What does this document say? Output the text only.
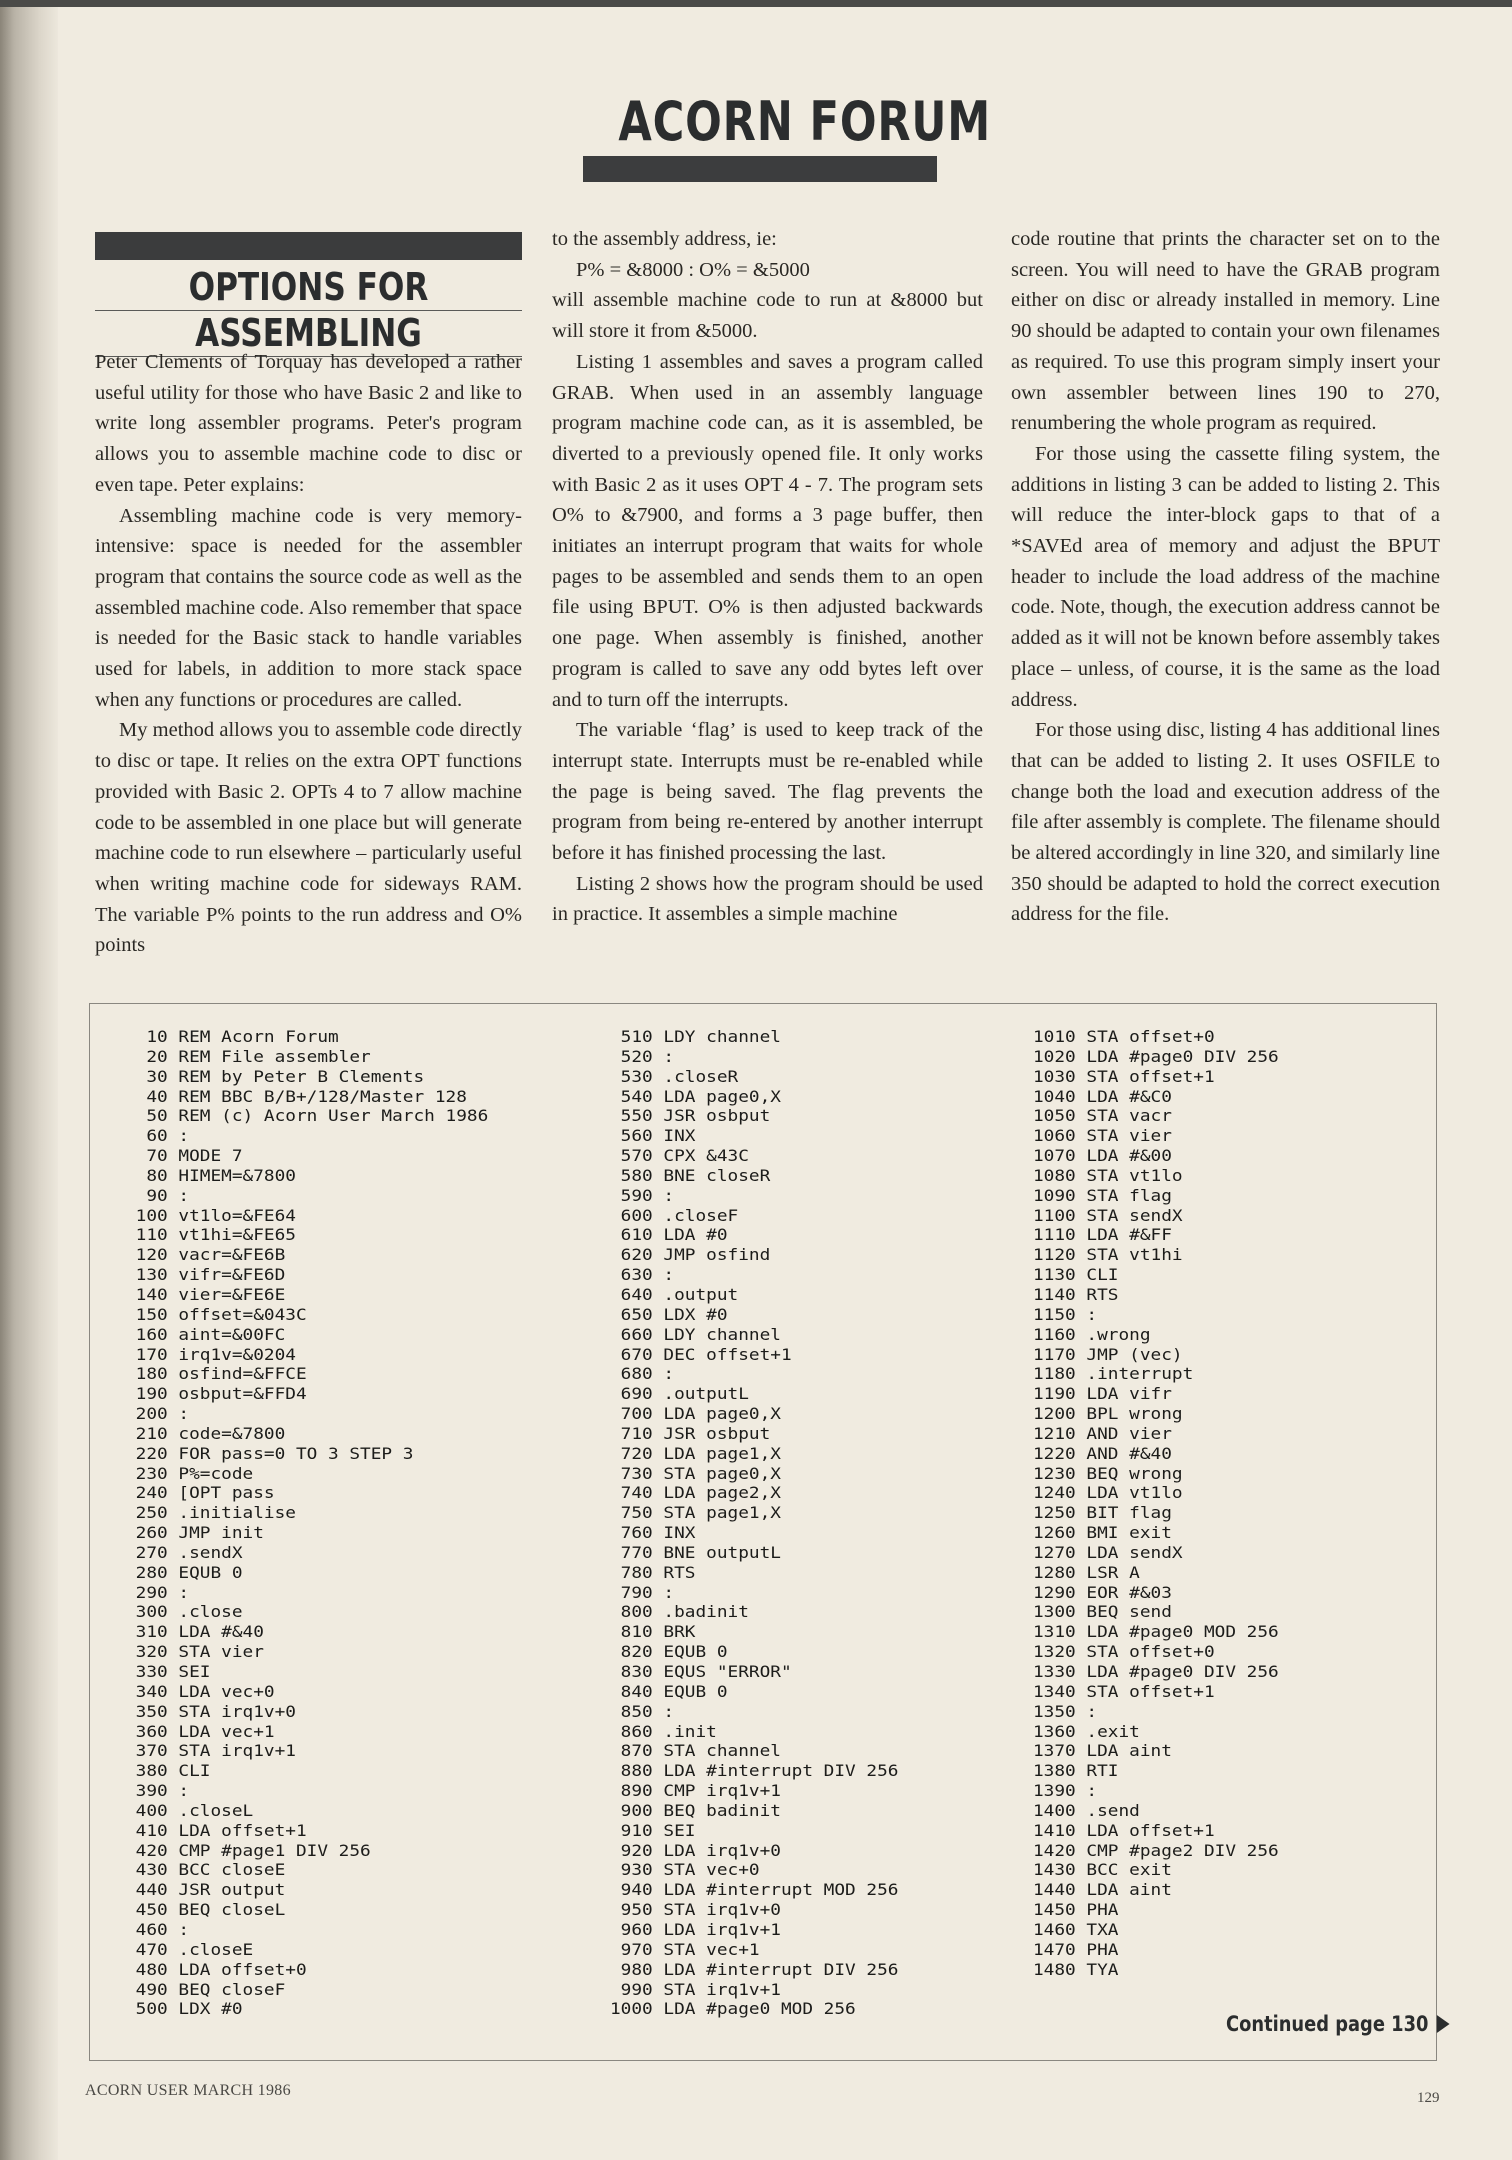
ACORN FORUM
OPTIONS FOR
ASSEMBLING

Peter Clements of Torquay has developed a rather useful utility for those who have Basic 2 and like to write long assembler programs. Peter's program allows you to assemble machine code to disc or even tape. Peter explains:

Assembling machine code is very memory-intensive: space is needed for the assembler program that contains the source code as well as the assembled machine code. Also remember that space is needed for the Basic stack to handle variables used for labels, in addition to more stack space when any functions or procedures are called.

My method allows you to assemble code directly to disc or tape. It relies on the extra OPT functions provided with Basic 2. OPTs 4 to 7 allow machine code to be assembled in one place but will generate machine code to run elsewhere – particularly useful when writing machine code for sideways RAM. The variable P% points to the run address and O% points

to the assembly address, ie:

P% = &8000 : O% = &5000

will assemble machine code to run at &8000 but will store it from &5000.

Listing 1 assembles and saves a program called GRAB. When used in an assembly language program machine code can, as it is assembled, be diverted to a previously opened file. It only works with Basic 2 as it uses OPT 4 - 7. The program sets O% to &7900, and forms a 3 page buffer, then initiates an interrupt program that waits for whole pages to be assembled and sends them to an open file using BPUT. O% is then adjusted backwards one page. When assembly is finished, another program is called to save any odd bytes left over and to turn off the interrupts.

The variable ‘flag’ is used to keep track of the interrupt state. Interrupts must be re-enabled while the page is being saved. The flag prevents the program from being re-entered by another interrupt before it has finished processing the last.

Listing 2 shows how the program should be used in practice. It assembles a simple machine

code routine that prints the character set on to the screen. You will need to have the GRAB program either on disc or already installed in memory. Line 90 should be adapted to contain your own filenames as required. To use this program simply insert your own assembler between lines 190 to 270, renumbering the whole program as required.

For those using the cassette filing system, the additions in listing 3 can be added to listing 2. This will reduce the inter-block gaps to that of a *SAVEd area of memory and adjust the BPUT header to include the load address of the machine code. Note, though, the execution address cannot be added as it will not be known before assembly takes place – unless, of course, it is the same as the load address.

For those using disc, listing 4 has additional lines that can be added to listing 2. It uses OSFILE to change both the load and execution address of the file after assembly is complete. The filename should be altered accordingly in line 320, and similarly line 350 should be adapted to hold the correct execution address for the file.

10 REM Acorn Forum
20 REM File assembler
30 REM by Peter B Clements
40 REM BBC B/B+/128/Master 128
50 REM (c) Acorn User March 1986
60 :
70 MODE 7
80 HIMEM=&7800
90 :
100 vt1lo=&FE64
110 vt1hi=&FE65
120 vacr=&FE6B
130 vifr=&FE6D
140 vier=&FE6E
150 offset=&043C
160 aint=&00FC
170 irq1v=&0204
180 osfind=&FFCE
190 osbput=&FFD4
200 :
210 code=&7800
220 FOR pass=0 TO 3 STEP 3
230 P%=code
240 [OPT pass
250 .initialise
260 JMP init
270 .sendX
280 EQUB 0
290 :
300 .close
310 LDA #&40
320 STA vier
330 SEI
340 LDA vec+0
350 STA irq1v+0
360 LDA vec+1
370 STA irq1v+1
380 CLI
390 :
400 .closeL
410 LDA offset+1
420 CMP #page1 DIV 256
430 BCC closeE
440 JSR output
450 BEQ closeL
460 :
470 .closeE
480 LDA offset+0
490 BEQ closeF
500 LDX #0
510 LDY channel
520 :
530 .closeR
540 LDA page0,X
550 JSR osbput
560 INX
570 CPX &43C
580 BNE closeR
590 :
600 .closeF
610 LDA #0
620 JMP osfind
630 :
640 .output
650 LDX #0
660 LDY channel
670 DEC offset+1
680 :
690 .outputL
700 LDA page0,X
710 JSR osbput
720 LDA page1,X
730 STA page0,X
740 LDA page2,X
750 STA page1,X
760 INX
770 BNE outputL
780 RTS
790 :
800 .badinit
810 BRK
820 EQUB 0
830 EQUS "ERROR"
840 EQUB 0
850 :
860 .init
870 STA channel
880 LDA #interrupt DIV 256
890 CMP irq1v+1
900 BEQ badinit
910 SEI
920 LDA irq1v+0
930 STA vec+0
940 LDA #interrupt MOD 256
950 STA irq1v+0
960 LDA irq1v+1
970 STA vec+1
980 LDA #interrupt DIV 256
990 STA irq1v+1
1000 LDA #page0 MOD 256
1010 STA offset+0
1020 LDA #page0 DIV 256
1030 STA offset+1
1040 LDA #&C0
1050 STA vacr
1060 STA vier
1070 LDA #&00
1080 STA vt1lo
1090 STA flag
1100 STA sendX
1110 LDA #&FF
1120 STA vt1hi
1130 CLI
1140 RTS
1150 :
1160 .wrong
1170 JMP (vec)
1180 .interrupt
1190 LDA vifr
1200 BPL wrong
1210 AND vier
1220 AND #&40
1230 BEQ wrong
1240 LDA vt1lo
1250 BIT flag
1260 BMI exit
1270 LDA sendX
1280 LSR A
1290 EOR #&03
1300 BEQ send
1310 LDA #page0 MOD 256
1320 STA offset+0
1330 LDA #page0 DIV 256
1340 STA offset+1
1350 :
1360 .exit
1370 LDA aint
1380 RTI
1390 :
1400 .send
1410 LDA offset+1
1420 CMP #page2 DIV 256
1430 BCC exit
1440 LDA aint
1450 PHA
1460 TXA
1470 PHA
1480 TYA
Continued page 130
ACORN USER MARCH 1986	129
